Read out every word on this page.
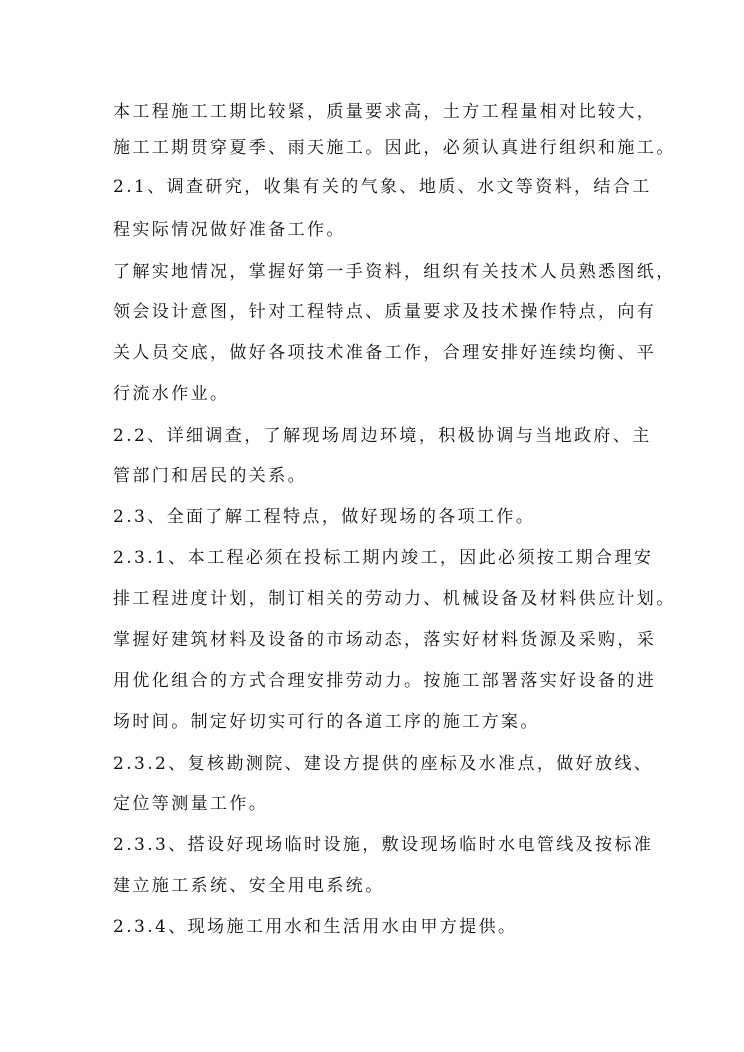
本工程施工工期比较紧，质量要求高，土方工程量相对比较大，
施工工期贯穿夏季、雨天施工。因此，必须认真进行组织和施工。
2.1、调查研究，收集有关的气象、地质、水文等资料，结合工
程实际情况做好准备工作。
了解实地情况，掌握好第一手资料，组织有关技术人员熟悉图纸，
领会设计意图，针对工程特点、质量要求及技术操作特点，向有
关人员交底，做好各项技术准备工作，合理安排好连续均衡、平
行流水作业。
2.2、详细调查，了解现场周边环境，积极协调与当地政府、主
管部门和居民的关系。
2.3、全面了解工程特点，做好现场的各项工作。
2.3.1、本工程必须在投标工期内竣工，因此必须按工期合理安
排工程进度计划，制订相关的劳动力、机械设备及材料供应计划。
掌握好建筑材料及设备的市场动态，落实好材料货源及采购，采
用优化组合的方式合理安排劳动力。按施工部署落实好设备的进
场时间。制定好切实可行的各道工序的施工方案。
2.3.2、复核勘测院、建设方提供的座标及水准点，做好放线、
定位等测量工作。
2.3.3、搭设好现场临时设施，敷设现场临时水电管线及按标准
建立施工系统、安全用电系统。
2.3.4、现场施工用水和生活用水由甲方提供。
